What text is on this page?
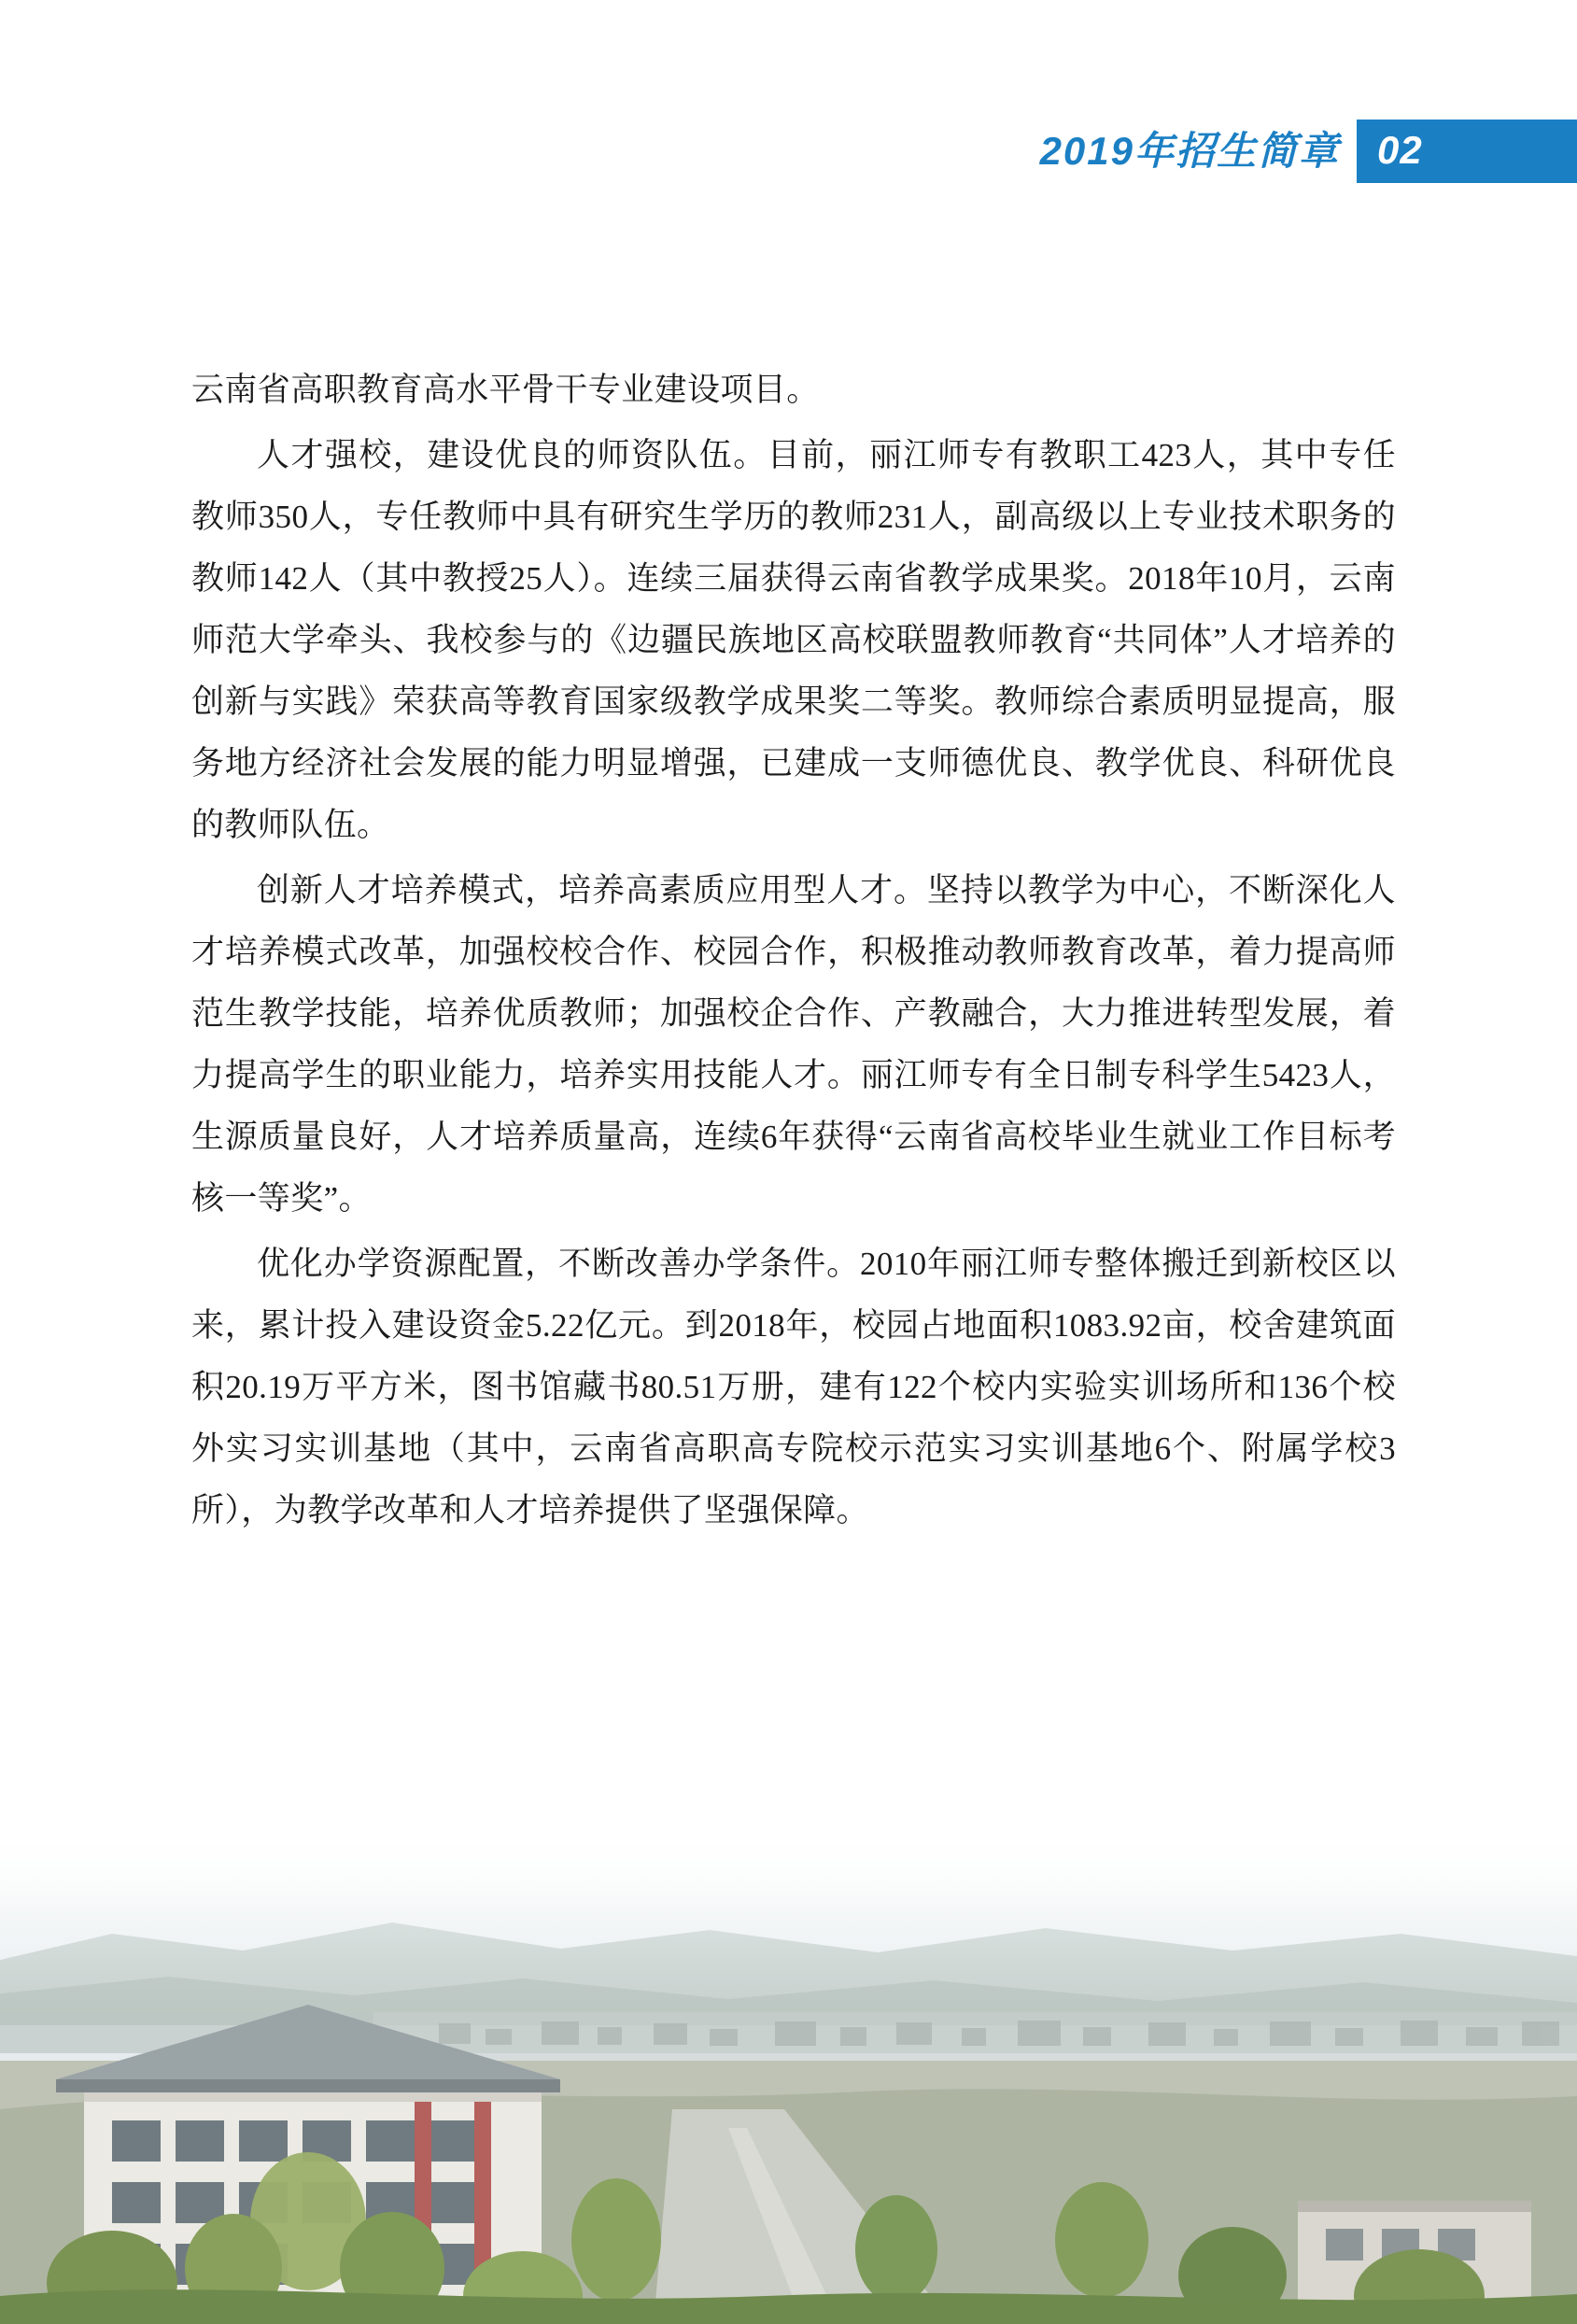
2019年招生简章 02

云南省高职教育高水平骨干专业建设项目。

人才强校，建设优良的师资队伍。目前，丽江师专有教职工423人，其中专任教师350人，专任教师中具有研究生学历的教师231人，副高级以上专业技术职务的教师142人（其中教授25人）。连续三届获得云南省教学成果奖。2018年10月，云南师范大学牵头、我校参与的《边疆民族地区高校联盟教师教育“共同体”人才培养的创新与实践》荣获高等教育国家级教学成果奖二等奖。教师综合素质明显提高，服务地方经济社会发展的能力明显增强，已建成一支师德优良、教学优良、科研优良的教师队伍。

创新人才培养模式，培养高素质应用型人才。坚持以教学为中心，不断深化人才培养模式改革，加强校校合作、校园合作，积极推动教师教育改革，着力提高师范生教学技能，培养优质教师；加强校企合作、产教融合，大力推进转型发展，着力提高学生的职业能力，培养实用技能人才。丽江师专有全日制专科学生5423人，生源质量良好，人才培养质量高，连续6年获得“云南省高校毕业生就业工作目标考核一等奖”。

优化办学资源配置，不断改善办学条件。2010年丽江师专整体搬迁到新校区以来，累计投入建设资金5.22亿元。到2018年，校园占地面积1083.92亩，校舍建筑面积20.19万平方米，图书馆藏书80.51万册，建有122个校内实验实训场所和136个校外实习实训基地（其中，云南省高职高专院校示范实习实训基地6个、附属学校3所），为教学改革和人才培养提供了坚强保障。
